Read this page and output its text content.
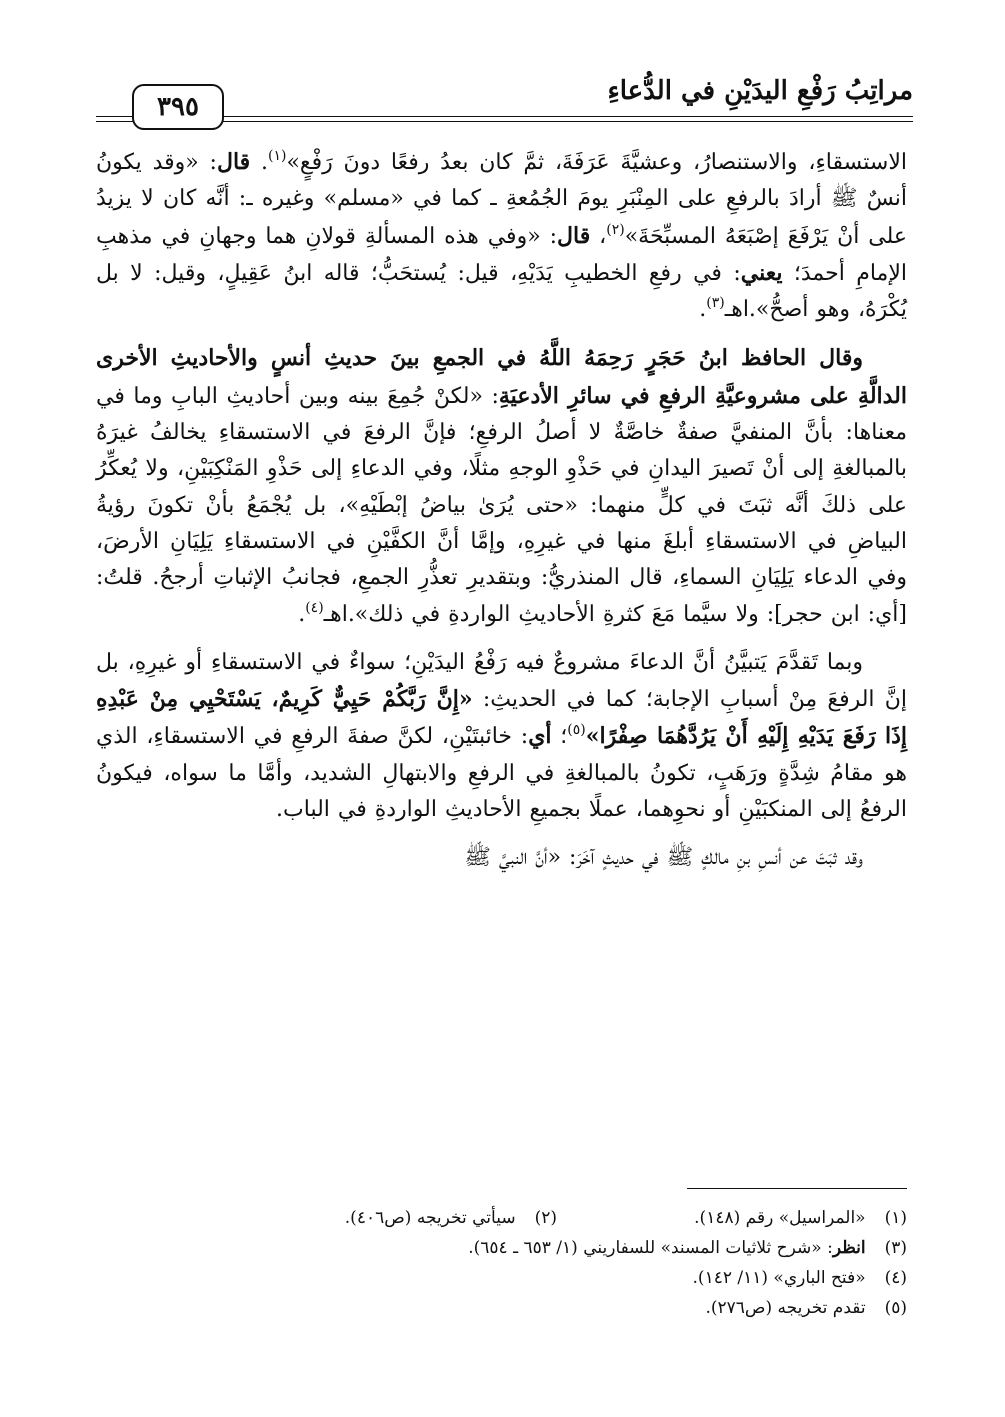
مراتِبُ رَفْعِ اليدَيْنِ في الدُّعاءِ
٣٩٥

الاستسقاءِ، والاستنصارُ، وعشيَّةَ عَرَفَةَ، ثمَّ كان بعدُ رفعًا دونَ رَفْعٍ»$^{(١)}$. قال: «وقد يكونُ أنسٌ ﷺ أرادَ بالرفعِ على المِنْبَرِ يومَ الجُمُعةِ ـ كما في «مسلم» وغيره ـ: أنَّه كان لا يزيدُ على أنْ يَرْفَعَ إصْبَعَهُ المسبِّحَةَ»$^{(٢)}$، قال: «وفي هذه المسألةِ قولانِ هما وجهانِ في مذهبِ الإمامِ أحمدَ؛ يعني: في رفعِ الخطيبِ يَدَيْهِ، قيل: يُستحَبُّ؛ قاله ابنُ عَقِيلٍ، وقيل: لا بل يُكْرَهُ، وهو أصحُّ».اهـ$^{(٣)}$.

وقال الحافظ ابنُ حَجَرٍ رَحِمَهُ اللَّهُ في الجمعِ بينَ حديثِ أنسٍ والأحاديثِ الأخرى الدالَّةِ على مشروعيَّةِ الرفعِ في سائرِ الأدعيَةِ: «لكنْ جُمِعَ بينه وبين أحاديثِ البابِ وما في معناها: بأنَّ المنفيَّ صفةٌ خاصَّةٌ لا أصلُ الرفعِ؛ فإنَّ الرفعَ في الاستسقاءِ يخالفُ غيرَهُ بالمبالغةِ إلى أنْ تَصيرَ اليدانِ في حَذْوِ الوجهِ مثلًا، وفي الدعاءِ إلى حَذْوِ المَنْكِبَيْنِ، ولا يُعكِّرُ على ذلكَ أنَّه ثبَتَ في كلٍّ منهما: «حتى يُرَىٰ بياضُ إبْطَيْهِ»، بل يُجْمَعُ بأنْ تكونَ رؤيةُ البياضِ في الاستسقاءِ أبلغَ منها في غيرِهِ، وإمَّا أنَّ الكفَّيْنِ في الاستسقاءِ يَلِيَانِ الأرضَ، وفي الدعاء يَلِيَانِ السماءِ، قال المنذريُّ: وبتقديرِ تعذُّرِ الجمعِ، فجانبُ الإثباتِ أرجحُ. قلتُ: [أي: ابن حجر]: ولا سيَّما مَعَ كثرةِ الأحاديثِ الواردةِ في ذلك».اهـ$^{(٤)}$.

وبما تَقدَّمَ يَتبيَّنُ أنَّ الدعاءَ مشروعٌ فيه رَفْعُ اليدَيْنِ؛ سواءٌ في الاستسقاءِ أو غيرِهِ، بل إنَّ الرفعَ مِنْ أسبابِ الإجابة؛ كما في الحديثِ: «إِنَّ رَبَّكُمْ حَيِيٌّ كَرِيمٌ، يَسْتَحْيِي مِنْ عَبْدِهِ إِذَا رَفَعَ يَدَيْهِ إِلَيْهِ أَنْ يَرُدَّهُمَا صِفْرًا»$^{(٥)}$؛ أي: خائبتَيْنِ، لكنَّ صفةَ الرفعِ في الاستسقاءِ، الذي هو مقامُ شِدَّةٍ ورَهَبٍ، تكونُ بالمبالغةِ في الرفعِ والابتهالِ الشديد، وأمَّا ما سواه، فيكونُ الرفعُ إلى المنكبَيْنِ أو نحوِهما، عملًا بجميعِ الأحاديثِ الواردةِ في الباب.

وقد ثبَتَ عن أنسِ بنِ مالكٍ ﷺ في حديثٍ آخَرَ: «أنَّ النبيَّ ﷺ

(١) «المراسيل» رقم (١٤٨).
(٢) سيأتي تخريجه (ص٤٠٦).
(٣) انظر: «شرح ثلاثيات المسند» للسفاريني (١/ ٦٥٣ ـ ٦٥٤).
(٤) «فتح الباري» (١١/ ١٤٢).
(٥) تقدم تخريجه (ص٢٧٦).
